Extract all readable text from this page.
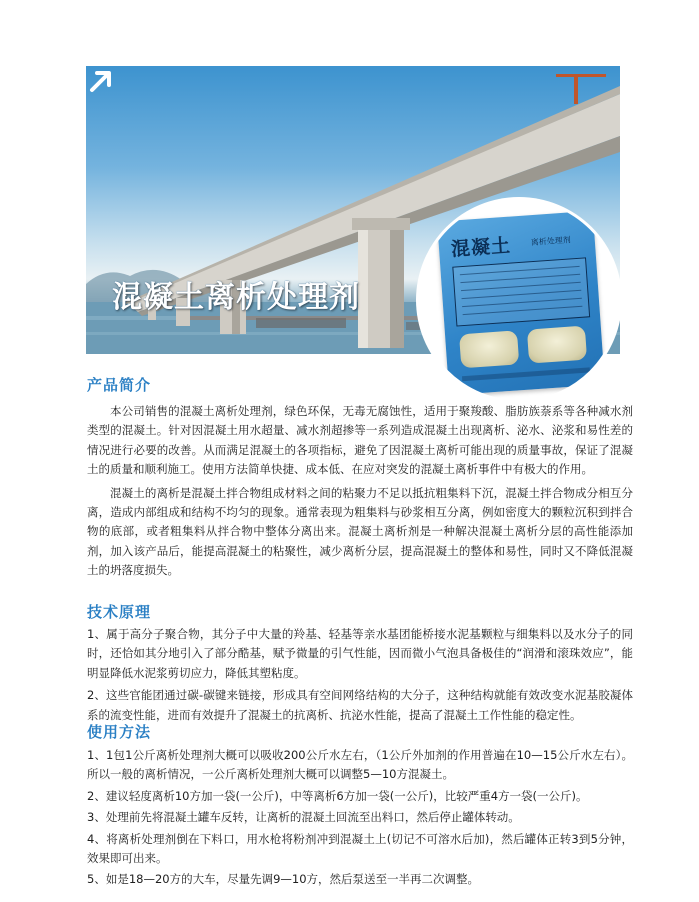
混凝土离析处理剂
混凝土 离析处理剂
产品简介

本公司销售的混凝土离析处理剂，绿色环保，无毒无腐蚀性，适用于聚羧酸、脂肪族萘系等各种减水剂类型的混凝土。针对因混凝土用水超量、减水剂超掺等一系列造成混凝土出现离析、泌水、泌浆和易性差的情况进行必要的改善。从而满足混凝土的各项指标，避免了因混凝土离析可能出现的质量事故，保证了混凝土的质量和顺利施工。使用方法简单快捷、成本低、在应对突发的混凝土离析事件中有极大的作用。

混凝土的离析是混凝土拌合物组成材料之间的粘聚力不足以抵抗粗集料下沉，混凝土拌合物成分相互分离，造成内部组成和结构不均匀的现象。通常表现为粗集料与砂浆相互分离，例如密度大的颗粒沉积到拌合物的底部，或者粗集料从拌合物中整体分离出来。混凝土离析剂是一种解决混凝土离析分层的高性能添加剂，加入该产品后，能提高混凝土的粘聚性，减少离析分层，提高混凝土的整体和易性，同时又不降低混凝土的坍落度损失。

技术原理

1、属于高分子聚合物，其分子中大量的羚基、轻基等亲水基团能桥接水泥基颗粒与细集料以及水分子的同时，还恰如其分地引入了部分酷基，赋予微量的引气性能，因而微小气泡具备极佳的“润滑和滚珠效应”，能明显降低水泥浆剪切应力，降低其塑粘度。

2、这些官能团通过碳-碳键来链接，形成具有空间网络结构的大分子，这种结构就能有效改变水泥基胶凝体系的流变性能，进而有效提升了混凝土的抗离析、抗泌水性能，提高了混凝土工作性能的稳定性。

使用方法

1、1包1公斤离析处理剂大概可以吸收200公斤水左右，（1公斤外加剂的作用普遍在10—15公斤水左右）。所以一般的离析情况，一公斤离析处理剂大概可以调整5—10方混凝土。

2、建议轻度离析10方加一袋(一公斤)，中等离析6方加一袋(一公斤)，比较严重4方一袋(一公斤)。

3、处理前先将混凝土罐车反转，让离析的混凝土回流至出料口，然后停止罐体转动。

4、将离析处理剂倒在下料口，用水枪将粉剂冲到混凝土上(切记不可溶水后加)，然后罐体正转3到5分钟，效果即可出来。

5、如是18—20方的大车，尽量先调9—10方，然后泵送至一半再二次调整。
